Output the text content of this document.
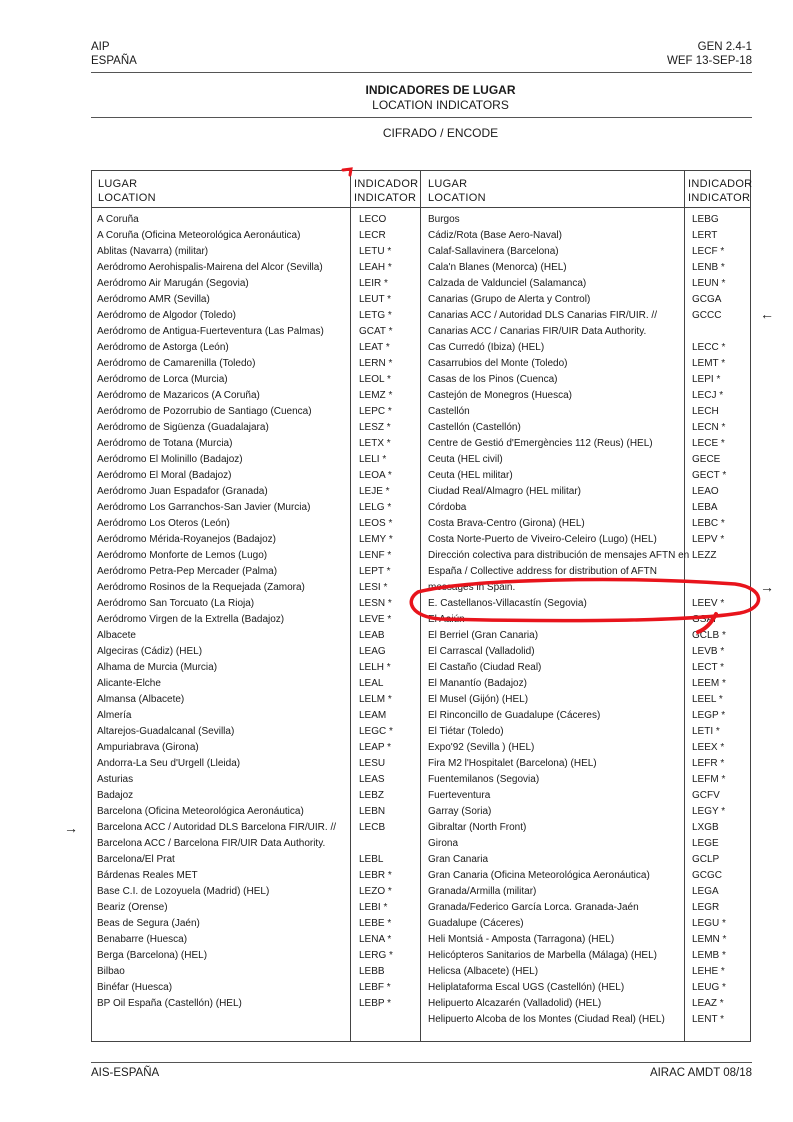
AIP
ESPAÑA
GEN 2.4-1
WEF 13-SEP-18
INDICADORES DE LUGAR
LOCATION INDICATORS
CIFRADO / ENCODE
LUGAR
LOCATION
INDICADOR
INDICATOR
LUGAR
LOCATION
INDICADOR
INDICATOR
A Coruña	LECO
A Coruña (Oficina Meteorológica Aeronáutica)	LECR
Ablitas (Navarra) (militar)	LETU *
Aeródromo Aerohispalis-Mairena del Alcor (Sevilla)	LEAH *
Aeródromo Air Marugán (Segovia)	LEIR *
Aeródromo AMR (Sevilla)	LEUT *
Aeródromo de Algodor (Toledo)	LETG *
Aeródromo de Antigua-Fuerteventura (Las Palmas)	GCAT *
Aeródromo de Astorga (León)	LEAT *
Aeródromo de Camarenilla (Toledo)	LERN *
Aeródromo de Lorca (Murcia)	LEOL *
Aeródromo de Mazaricos (A Coruña)	LEMZ *
Aeródromo de Pozorrubio de Santiago (Cuenca)	LEPC *
Aeródromo de Sigüenza (Guadalajara)	LESZ *
Aeródromo de Totana (Murcia)	LETX *
Aeródromo El Molinillo (Badajoz)	LELI *
Aeródromo El Moral (Badajoz)	LEOA *
Aeródromo Juan Espadafor (Granada)	LEJE *
Aeródromo Los Garranchos-San Javier (Murcia)	LELG *
Aeródromo Los Oteros (León)	LEOS *
Aeródromo Mérida-Royanejos (Badajoz)	LEMY *
Aeródromo Monforte de Lemos (Lugo)	LENF *
Aeródromo Petra-Pep Mercader (Palma)	LEPT *
Aeródromo Rosinos de la Requejada (Zamora)	LESI *
Aeródromo San Torcuato (La Rioja)	LESN *
Aeródromo Virgen de la Extrella (Badajoz)	LEVE *
Albacete	LEAB
Algeciras (Cádiz) (HEL)	LEAG
Alhama de Murcia (Murcia)	LELH *
Alicante-Elche	LEAL
Almansa (Albacete)	LELM *
Almería	LEAM
Altarejos-Guadalcanal (Sevilla)	LEGC *
Ampuriabrava (Girona)	LEAP *
Andorra-La Seu d'Urgell (Lleida)	LESU
Asturias	LEAS
Badajoz	LEBZ
Barcelona (Oficina Meteorológica Aeronáutica)	LEBN
Barcelona ACC / Autoridad DLS Barcelona FIR/UIR. // LECB
Barcelona ACC / Barcelona FIR/UIR Data Authority.
Barcelona/El Prat	LEBL
Bárdenas Reales MET	LEBR *
Base C.I. de Lozoyuela (Madrid) (HEL)	LEZO *
Beariz (Orense)	LEBI *
Beas de Segura (Jaén)	LEBE *
Benabarre (Huesca)	LENA *
Berga (Barcelona) (HEL)	LERG *
Bilbao	LEBB
Binéfar (Huesca)	LEBF *
BP Oil España (Castellón) (HEL)	LEBP *
Burgos	LEBG
Cádiz/Rota (Base Aero-Naval)	LERT
Calaf-Sallavinera (Barcelona)	LECF *
Cala'n Blanes (Menorca) (HEL)	LENB *
Calzada de Valdunciel (Salamanca)	LEUN *
Canarias (Grupo de Alerta y Control)	GCGA
Canarias ACC / Autoridad DLS Canarias FIR/UIR. //	GCCC
Canarias ACC / Canarias FIR/UIR Data Authority.
Cas Curredó (Ibiza) (HEL)	LECC *
Casarrubios del Monte (Toledo)	LEMT *
Casas de los Pinos (Cuenca)	LEPI *
Castejón de Monegros (Huesca)	LECJ *
Castellón	LECH
Castellón (Castellón)	LECN *
Centre de Gestió d'Emergències 112 (Reus) (HEL)	LECE *
Ceuta (HEL civil)	GECE
Ceuta (HEL militar)	GECT *
Ciudad Real/Almagro (HEL militar)	LEAO
Córdoba	LEBA
Costa Brava-Centro (Girona) (HEL)	LEBC *
Costa Norte-Puerto de Viveiro-Celeiro (Lugo) (HEL)	LEPV *
Dirección colectiva para distribución de mensajes AFTN en LEZZ
España / Collective address for distribution of AFTN
messages in Spain.
E. Castellanos-Villacastín (Segovia)	LEEV *
El Aaiún	GSAI
El Berriel (Gran Canaria)	GCLB *
El Carrascal (Valladolid)	LEVB *
El Castaño (Ciudad Real)	LECT *
El Manantío (Badajoz)	LEEM *
El Musel (Gijón) (HEL)	LEEL *
El Rinconcillo de Guadalupe (Cáceres)	LEGP *
El Tiétar (Toledo)	LETI *
Expo'92 (Sevilla ) (HEL)	LEEX *
Fira M2 l'Hospitalet (Barcelona) (HEL)	LEFR *
Fuentemilanos (Segovia)	LEFM *
Fuerteventura	GCFV
Garray (Soria)	LEGY *
Gibraltar (North Front)	LXGB
Girona	LEGE
Gran Canaria	GCLP
Gran Canaria (Oficina Meteorológica Aeronáutica)	GCGC
Granada/Armilla (militar)	LEGA
Granada/Federico García Lorca. Granada-Jaén	LEGR
Guadalupe (Cáceres)	LEGU *
Heli Montsiá - Amposta (Tarragona) (HEL)	LEMN *
Helicópteros Sanitarios de Marbella (Málaga) (HEL)	LEMB *
Helicsa (Albacete) (HEL)	LEHE *
Heliplataforma Escal UGS (Castellón) (HEL)	LEUG *
Helipuerto Alcazarén (Valladolid) (HEL)	LEAZ *
Helipuerto Alcoba de los Montes (Ciudad Real) (HEL)	LENT *
→
←
→
AIS-ESPAÑA	AIRAC AMDT 08/18
